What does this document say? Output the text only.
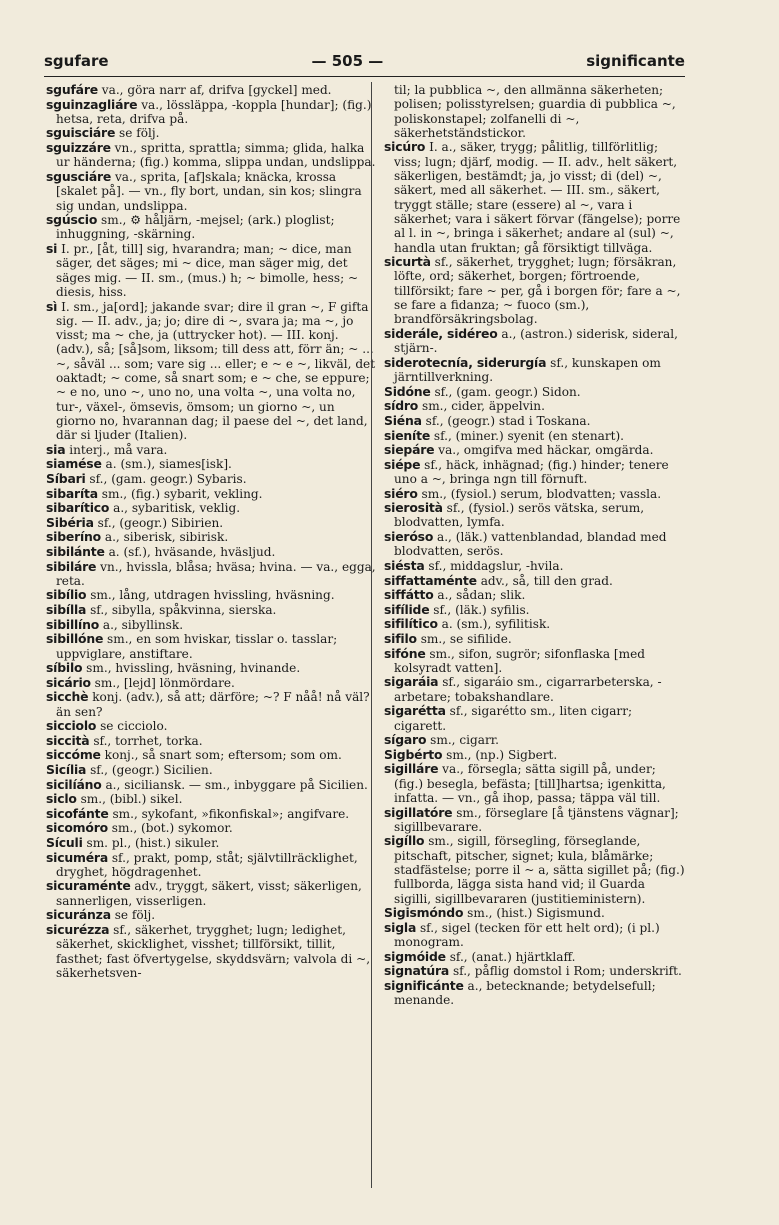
sgufare	— 505 —	significante
sgufáre va., göra narr af, drifva [gyckel] med.
sguinzagliáre va., lössläppa, -koppla [hundar]; (fig.) hetsa, reta, drifva på.
sguisciáre se följ.
sguizzáre vn., spritta, sprattla; simma; glida, halka ur händerna; (fig.) komma, slippa undan, undslippa.
sgusciáre va., sprita, [af]skala; knäcka, krossa [skalet på]. — vn., fly bort, undan, sin kos; slingra sig undan, undslippa.
sgúscio sm., ⚙ håljärn, -mejsel; (ark.) ploglist; inhuggning, -skärning.
si I. pr., [åt, till] sig, hvarandra; man; ~ dice, man säger, det säges; mi ~ dice, man säger mig, det säges mig. — II. sm., (mus.) h; ~ bimolle, hess; ~ diesis, hiss.
sì I. sm., ja[ord]; jakande svar; dire il gran ~, F gifta sig. — II. adv., ja; jo; dire di ~, svara ja; ma ~, jo visst; ma ~ che, ja (uttrycker hot). — III. konj. (adv.), så; [så]som, liksom; till dess att, förr än; ~ ... ~, såväl ... som; vare sig ... eller; e ~ e ~, likväl, det oaktadt; ~ come, så snart som; e ~ che, se eppure; ~ e no, uno ~, uno no, una volta ~, una volta no, tur-, växel-, ömsevis, ömsom; un giorno ~, un giorno no, hvarannan dag; il paese del ~, det land, där si ljuder (Italien).
sia interj., må vara.
siamése a. (sm.), siames[isk].
Síbari sf., (gam. geogr.) Sybaris.
sibaríta sm., (fig.) sybarit, vekling.
sibarítico a., sybaritisk, veklig.
Sibéria sf., (geogr.) Sibirien.
siberíno a., siberisk, sibirisk.
sibilánte a. (sf.), hväsande, hväsljud.
sibiláre vn., hvissla, blåsa; hväsa; hvina. — va., egga, reta.
sibílio sm., lång, utdragen hvissling, hväsning.
sibílla sf., sibylla, spåkvinna, sierska.
sibillíno a., sibyllinsk.
sibillóne sm., en som hviskar, tisslar o. tasslar; uppviglare, anstiftare.
síbilo sm., hvissling, hväsning, hvinande.
sicário sm., [lejd] lönmördare.
sicchè konj. (adv.), så att; därföre; ~? F nåå! nå väl? än sen?
sicciolo se cicciolo.
siccità sf., torrhet, torka.
siccóme konj., så snart som; eftersom; som om.
Sicília sf., (geogr.) Sicilien.
sicilíáno a., siciliansk. — sm., inbyggare på Sicilien.
siclo sm., (bibl.) sikel.
sicofánte sm., sykofant, »fikonfiskal»; angifvare.
sicomóro sm., (bot.) sykomor.
Sículi sm. pl., (hist.) sikuler.
sicuméra sf., prakt, pomp, ståt; självtillräcklighet, dryghet, högdragenhet.
sicuraménte adv., tryggt, säkert, visst; säkerligen, sannerligen, visserligen.
sicuránza se följ.
sicurézza sf., säkerhet, trygghet; lugn; ledighet, säkerhet, skicklighet, visshet; tillförsikt, tillit, fasthet; fast öfvertygelse, skyddsvärn; valvola di ~, säkerhetsven-
til; la pubblica ~, den allmänna säkerheten; polisen; polisstyrelsen; guardia di pubblica ~, poliskonstapel; zolfanelli di ~, säkerhetständstickor.
sicúro I. a., säker, trygg; pålitlig, tillförlitlig; viss; lugn; djärf, modig. — II. adv., helt säkert, säkerligen, bestämdt; ja, jo visst; di (del) ~, säkert, med all säkerhet. — III. sm., säkert, tryggt ställe; stare (essere) al ~, vara i säkerhet; vara i säkert förvar (fängelse); porre al l. in ~, bringa i säkerhet; andare al (sul) ~, handla utan fruktan; gå försiktigt tillväga.
sicurtà sf., säkerhet, trygghet; lugn; försäkran, löfte, ord; säkerhet, borgen; förtroende, tillförsikt; fare ~ per, gå i borgen för; fare a ~, se fare a fidanza; ~ fuoco (sm.), brandförsäkringsbolag.
siderále, sidéreo a., (astron.) siderisk, sideral, stjärn-.
siderotecnía, siderurgía sf., kunskapen om järntillverkning.
Sidóne sf., (gam. geogr.) Sidon.
sídro sm., cider, äppelvin.
Siéna sf., (geogr.) stad i Toskana.
sieníte sf., (miner.) syenit (en stenart).
siepáre va., omgifva med häckar, omgärda.
siépe sf., häck, inhägnad; (fig.) hinder; tenere uno a ~, bringa ngn till förnuft.
siéro sm., (fysiol.) serum, blodvatten; vassla.
sierosità sf., (fysiol.) serös vätska, serum, blodvatten, lymfa.
sieróso a., (läk.) vattenblandad, blandad med blodvatten, serös.
siésta sf., middagslur, -hvila.
siffattaménte adv., så, till den grad.
siffátto a., sådan; slik.
sifílide sf., (läk.) syfilis.
sifilítico a. (sm.), syfilitisk.
sifilo sm., se sifilide.
sifóne sm., sifon, sugrör; sifonflaska [med kolsyradt vatten].
sigaráia sf., sigaráio sm., cigarrarbeterska, -arbetare; tobakshandlare.
sigarétta sf., sigarétto sm., liten cigarr; cigarett.
sígaro sm., cigarr.
Sigbérto sm., (np.) Sigbert.
sigilláre va., försegla; sätta sigill på, under; (fig.) besegla, befästa; [till]hartsa; igenkitta, infatta. — vn., gå ihop, passa; täppa väl till.
sigillatóre sm., förseglare [å tjänstens vägnar]; sigillbevarare.
sigíllo sm., sigill, försegling, förseglande, pitschaft, pitscher, signet; kula, blåmärke; stadfästelse; porre il ~ a, sätta sigillet på; (fig.) fullborda, lägga sista hand vid; il Guarda sigilli, sigillbevararen (justitieministern).
Sigismóndo sm., (hist.) Sigismund.
sigla sf., sigel (tecken för ett helt ord); (i pl.) monogram.
sigmóide sf., (anat.) hjärtklaff.
signatúra sf., påflig domstol i Rom; underskrift.
significánte a., betecknande; betydelsefull; menande.
